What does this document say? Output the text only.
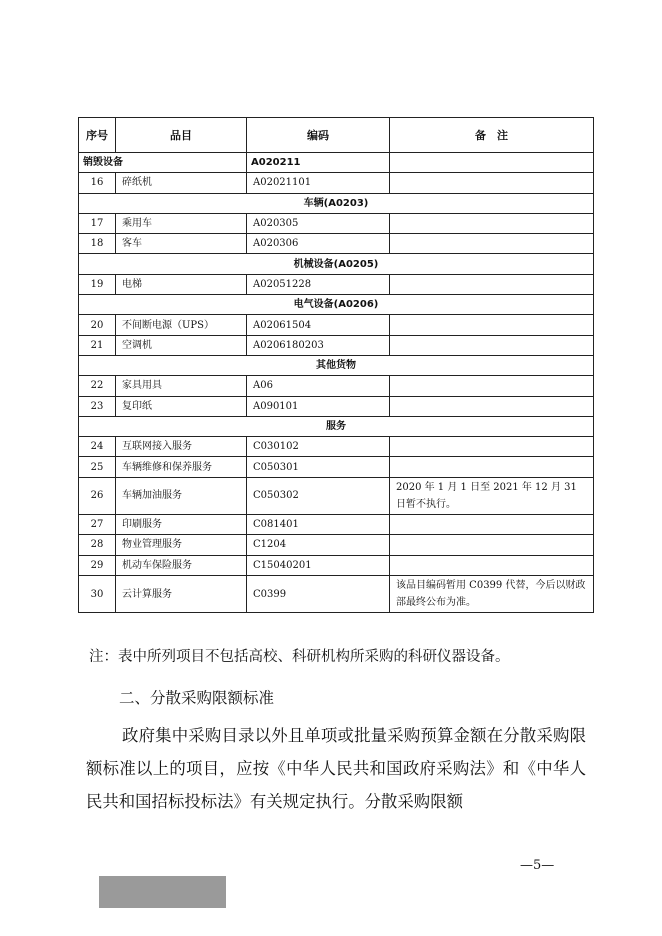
序号	品目	编码	备　注
销毁设备		A020211	
16	碎纸机	A02021101	
车辆(A0203)			
17	乘用车	A020305	
18	客车	A020306	
机械设备(A0205)			
19	电梯	A02051228	
电气设备(A0206)			
20	不间断电源（UPS）	A02061504	
21	空调机	A0206180203	
其他货物			
22	家具用具	A06	
23	复印纸	A090101	
服务			
24	互联网接入服务	C030102	
25	车辆维修和保养服务	C050301	
26	车辆加油服务	C050302	2020 年 1 月 1 日至 2021 年 12 月 31 日暂不执行。
27	印刷服务	C081401	
28	物业管理服务	C1204	
29	机动车保险服务	C15040201	
30	云计算服务	C0399	该品目编码暂用 C0399 代替，今后以财政部最终公布为准。
注：表中所列项目不包括高校、科研机构所采购的科研仪器设备。
二、分散采购限额标准
政府集中采购目录以外且单项或批量采购预算金额在分散采购限额标准以上的项目，应按《中华人民共和国政府采购法》和《中华人民共和国招标投标法》有关规定执行。分散采购限额
—5—
